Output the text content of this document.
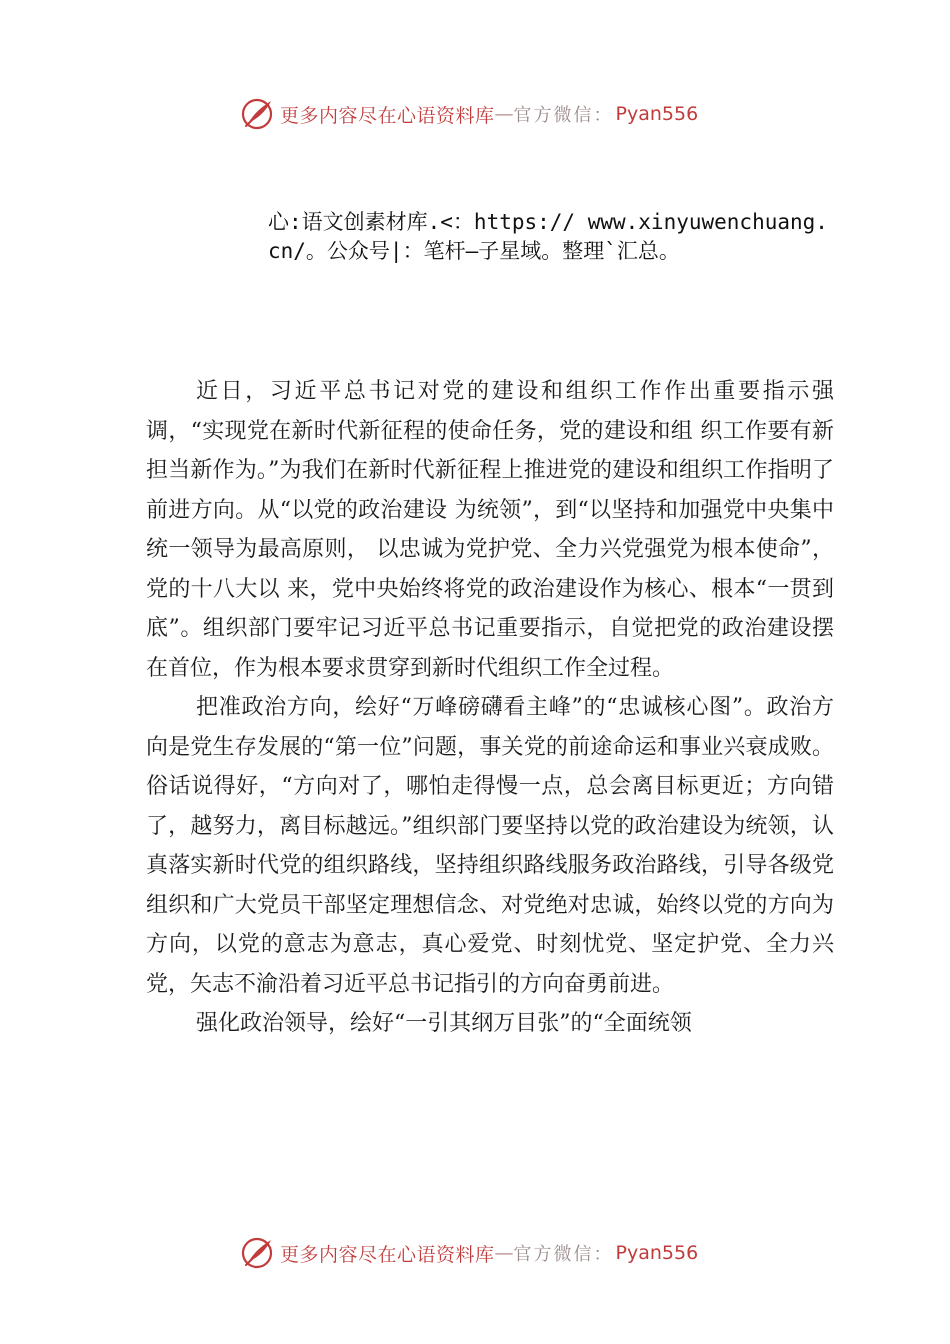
更多内容尽在心语资料库 — 官方微信： Pyan556

心:语文创素材库.<：https:// www.xinyuwenchuang.cn/。公众号|：笔杆—子星域。整理`汇总。

近日，习近平总书记对党的建设和组织工作作出重要指示强调，“实现党在新时代新征程的使命任务，党的建设和组 织工作要有新担当新作为。”为我们在新时代新征程上推进党的建设和组织工作指明了前进方向。从“以党的政治建设 为统领”，到“以坚持和加强党中央集中统一领导为最高原则， 以忠诚为党护党、全力兴党强党为根本使命”，党的十八大以 来，党中央始终将党的政治建设作为核心、根本“一贯到底”。组织部门要牢记习近平总书记重要指示，自觉把党的政治建设摆在首位，作为根本要求贯穿到新时代组织工作全过程。

把准政治方向，绘好“万峰磅礴看主峰”的“忠诚核心图”。政治方向是党生存发展的“第一位”问题，事关党的前途命运和事业兴衰成败。俗话说得好，“方向对了，哪怕走得慢一点，总会离目标更近；方向错了，越努力，离目标越远。”组织部门要坚持以党的政治建设为统领，认真落实新时代党的组织路线，坚持组织路线服务政治路线，引导各级党组织和广大党员干部坚定理想信念、对党绝对忠诚，始终以党的方向为方向，以党的意志为意志，真心爱党、时刻忧党、坚定护党、全力兴党，矢志不渝沿着习近平总书记指引的方向奋勇前进。

强化政治领导，绘好“一引其纲万目张”的“全面统领

更多内容尽在心语资料库 — 官方微信： Pyan556
